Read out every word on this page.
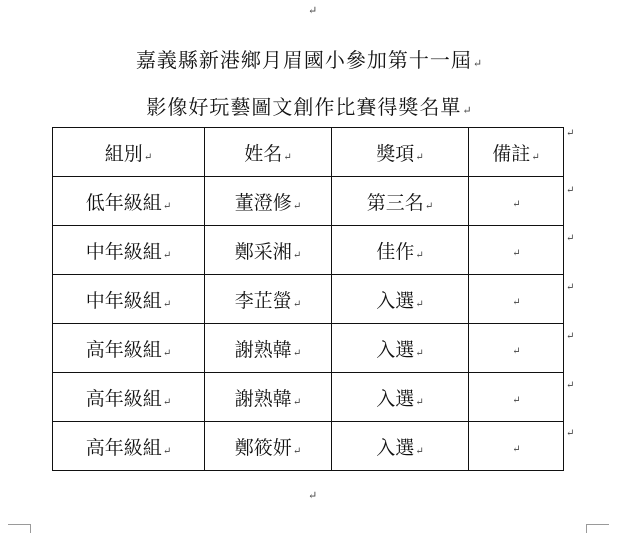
↵
嘉義縣新港鄉月眉國小參加第十一屆↵
影像好玩藝圖文創作比賽得獎名單↵
組別↵	姓名↵	獎項↵	備註↵
低年級組↵	董澄修↵	第三名↵	↵
中年級組↵	鄭采湘↵	佳作↵	↵
中年級組↵	李芷螢↵	入選↵	↵
高年級組↵	謝熟韓↵	入選↵	↵
高年級組↵	謝熟韓↵	入選↵	↵
高年級組↵	鄭筱妍↵	入選↵	↵
↵
↵
↵
↵
↵
↵
↵
↵
